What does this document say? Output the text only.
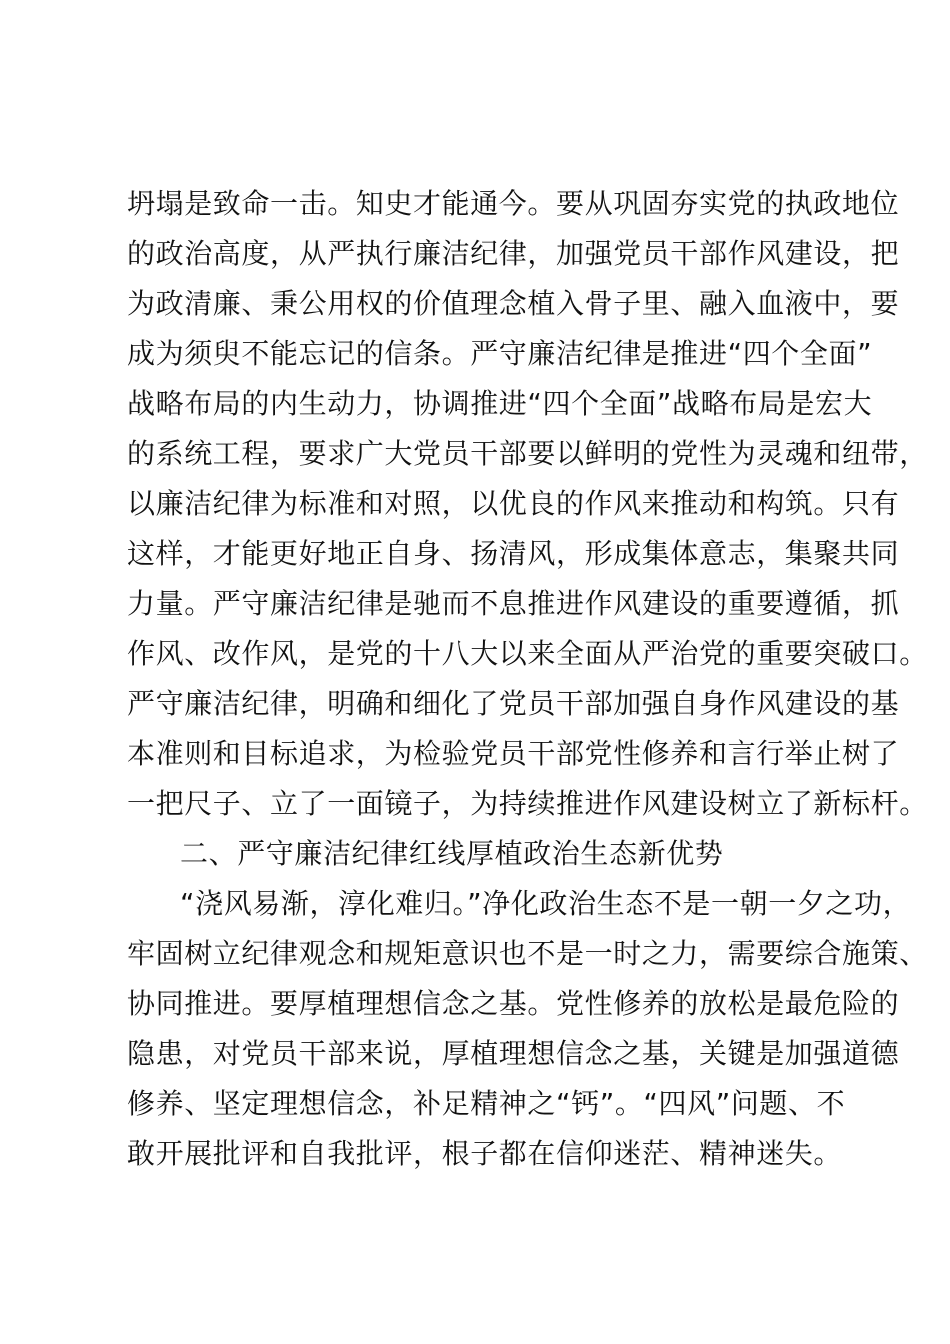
坍塌是致命一击。知史才能通今。要从巩固夯实党的执政地位
的政治高度，从严执行廉洁纪律，加强党员干部作风建设，把
为政清廉、秉公用权的价值理念植入骨子里、融入血液中，要
成为须臾不能忘记的信条。严守廉洁纪律是推进“四个全面”
战略布局的内生动力，协调推进“四个全面”战略布局是宏大
的系统工程，要求广大党员干部要以鲜明的党性为灵魂和纽带，
以廉洁纪律为标准和对照，以优良的作风来推动和构筑。只有
这样，才能更好地正自身、扬清风，形成集体意志，集聚共同
力量。严守廉洁纪律是驰而不息推进作风建设的重要遵循，抓
作风、改作风，是党的十八大以来全面从严治党的重要突破口。
严守廉洁纪律，明确和细化了党员干部加强自身作风建设的基
本准则和目标追求，为检验党员干部党性修养和言行举止树了
一把尺子、立了一面镜子，为持续推进作风建设树立了新标杆。
二、严守廉洁纪律红线厚植政治生态新优势
“浇风易渐，淳化难归。”净化政治生态不是一朝一夕之功，
牢固树立纪律观念和规矩意识也不是一时之力，需要综合施策、
协同推进。要厚植理想信念之基。党性修养的放松是最危险的
隐患，对党员干部来说，厚植理想信念之基，关键是加强道德
修养、坚定理想信念，补足精神之“钙”。“四风”问题、不
敢开展批评和自我批评，根子都在信仰迷茫、精神迷失。
